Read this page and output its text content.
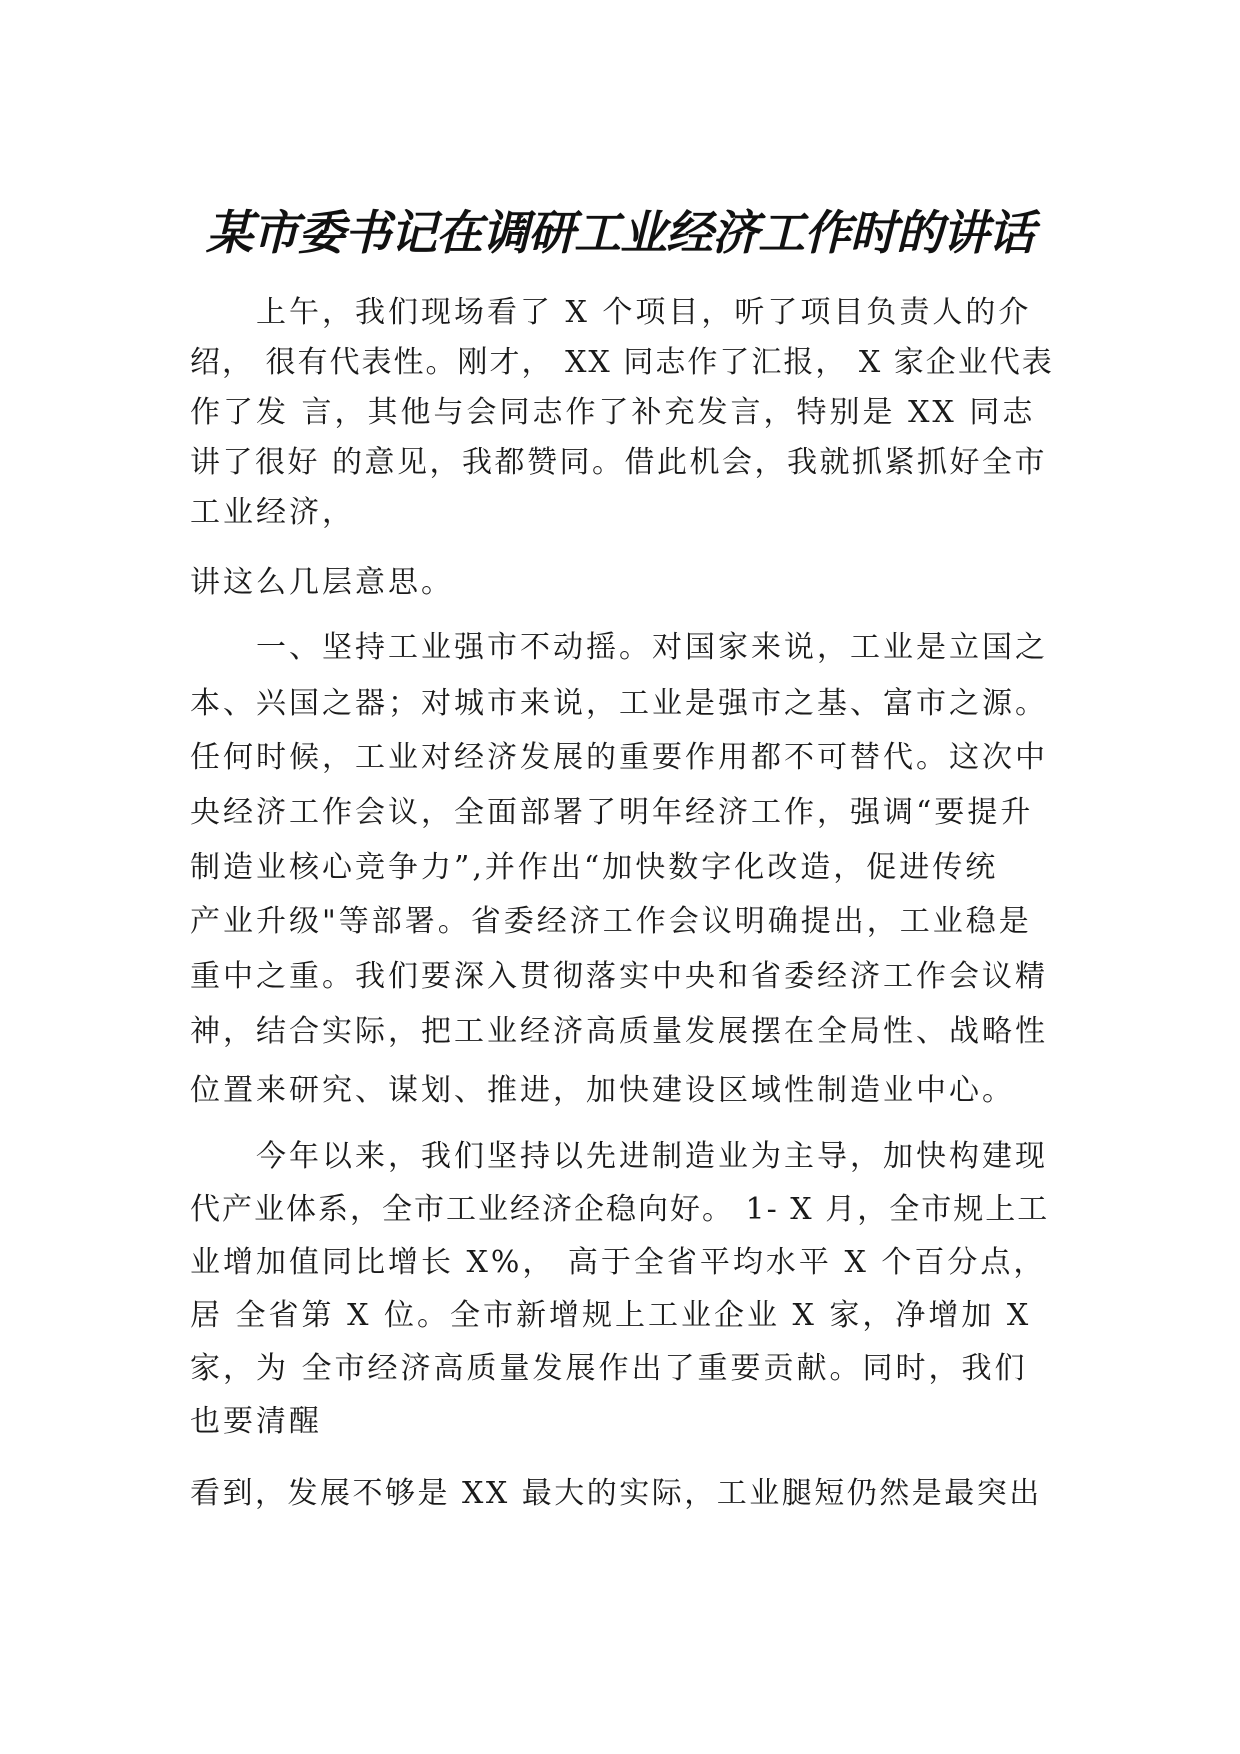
某市委书记在调研工业经济工作时的讲话
上午，我们现场看了 X 个项目，听了项目负责人的介
绍， 很有代表性。刚才， XX 同志作了汇报， X 家企业代表
作了发 言，其他与会同志作了补充发言，特别是 XX 同志
讲了很好 的意见，我都赞同。借此机会，我就抓紧抓好全市
工业经济，
讲这么几层意思。
一、坚持工业强市不动摇。对国家来说，工业是立国之
本、兴国之器；对城市来说，工业是强市之基、富市之源。
任何时候，工业对经济发展的重要作用都不可替代。这次中
央经济工作会议，全面部署了明年经济工作，强调“要提升
制造业核心竞争力”,并作出“加快数字化改造，促进传统
产业升级"等部署。省委经济工作会议明确提出，工业稳是
重中之重。我们要深入贯彻落实中央和省委经济工作会议精
神，结合实际，把工业经济高质量发展摆在全局性、战略性
位置来研究、谋划、推进，加快建设区域性制造业中心。
今年以来，我们坚持以先进制造业为主导，加快构建现
代产业体系，全市工业经济企稳向好。 1- X 月，全市规上工
业增加值同比增长 X%， 高于全省平均水平 X 个百分点，
居 全省第 X 位。全市新增规上工业企业 X 家，净增加 X
家，为 全市经济高质量发展作出了重要贡献。同时，我们
也要清醒
看到，发展不够是 XX 最大的实际，工业腿短仍然是最突出
